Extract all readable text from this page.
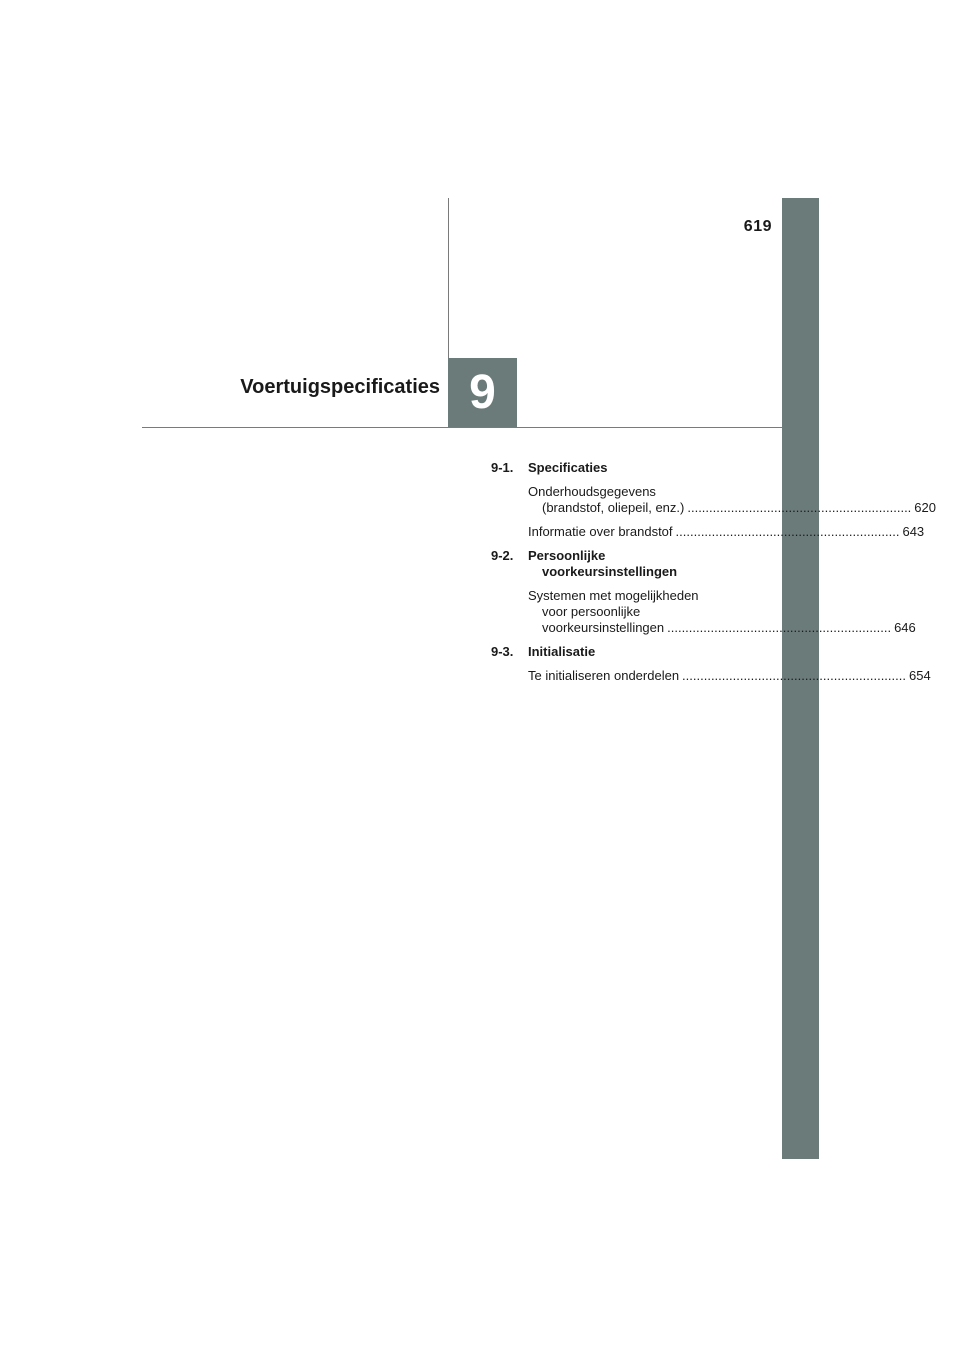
619
9
Voertuigspecificaties
9-1.	Specificaties
Onderhoudsgegevens
(brandstof, oliepeil, enz.) .............................................................. 620
Informatie over brandstof .............................................................. 643
9-2.	Persoonlijke
voorkeursinstellingen
Systemen met mogelijkheden
voor persoonlijke
voorkeursinstellingen .............................................................. 646
9-3.	Initialisatie
Te initialiseren onderdelen .............................................................. 654
